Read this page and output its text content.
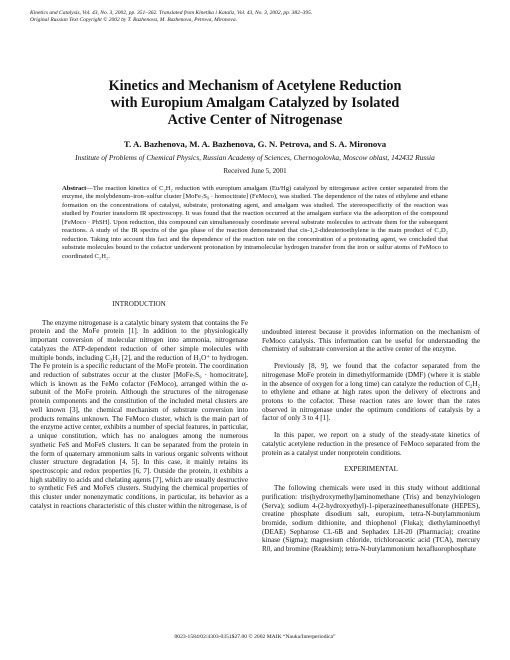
Kinetics and Catalysis, Vol. 43, No. 3, 2002, pp. 351–362. Translated from Kinetika i Kataliz, Vol. 43, No. 3, 2002, pp. 382–395.
Original Russian Text Copyright © 2002 by T. Bazhenova, M. Bazhenova, Petrova, Mironova.
Kinetics and Mechanism of Acetylene Reduction
with Europium Amalgam Catalyzed by Isolated
Active Center of Nitrogenase
T. A. Bazhenova, M. A. Bazhenova, G. N. Petrova, and S. A. Mironova
Institute of Problems of Chemical Physics, Russian Academy of Sciences, Chernogolovka, Moscow oblast, 142432 Russia
Received June 5, 2001
Abstract—The reaction kinetics of C₂H₂ reduction with europium amalgam (Eu/Hg) catalyzed by nitrogenase active center separated from the enzyme, the molybdenum–iron–sulfur cluster [MoFe₇S₉ · homocitrate] (FeMoco), was studied. The dependence of the rates of ethylene and ethane formation on the concentrations of catalyst, substrate, protonating agent, and amalgam was studied. The stereospecificity of the reaction was studied by Fourier transform IR spectroscopy. It was found that the reaction occurred at the amalgam surface via the adsorption of the compound [FeMoco · PhSH]. Upon reduction, this compound can simultaneously coordinate several substrate molecules to activate them for the subsequent reactions. A study of the IR spectra of the gas phase of the reaction demonstrated that cis-1,2-dideuterioethylene is the main product of C₂D₂ reduction. Taking into account this fact and the dependence of the reaction rate on the concentration of a protonating agent, we concluded that substrate molecules bound to the cofactor underwent protonation by intramolecular hydrogen transfer from the iron or sulfur atoms of FeMoco to coordinated C₂H₂.
INTRODUCTION

The enzyme nitrogenase is a catalytic binary system that contains the Fe protein and the MoFe protein [1]. In addition to the physiologically important conversion of molecular nitrogen into ammonia, nitrogenase catalyzes the ATP-dependent reduction of other simple molecules with multiple bonds, including C₂H₂ [2], and the reduction of H₃O⁺ to hydrogen. The Fe protein is a specific reductant of the MoFe protein. The coordination and reduction of substrates occur at the cluster [MoFe₇S₉ · homocitrate], which is known as the FeMo cofactor (FeMoco), arranged within the α-subunit of the MoFe protein. Although the structures of the nitrogenase protein components and the constitution of the included metal clusters are well known [3], the chemical mechanism of substrate conversion into products remains unknown. The FeMoco cluster, which is the main part of the enzyme active center, exhibits a number of special features, in particular, a unique constitution, which has no analogues among the numerous synthetic FeS and MoFeS clusters. It can be separated from the protein in the form of quaternary ammonium salts in various organic solvents without cluster structure degradation [4, 5]. In this case, it mainly retains its spectroscopic and redox properties [6, 7]. Outside the protein, it exhibits a high stability to acids and chelating agents [7], which are usually destructive to synthetic FeS and MoFeS clusters. Studying the chemical properties of this cluster under nonenzymatic conditions, in particular, its behavior as a catalyst in reactions characteristic of this cluster within the nitrogenase, is of

undoubted interest because it provides information on the mechanism of FeMoco catalysis. This information can be useful for understanding the chemistry of substrate conversion at the active center of the enzyme.

Previously [8, 9], we found that the cofactor separated from the nitrogenase MoFe protein in dimethylformamide (DMF) (where it is stable in the absence of oxygen for a long time) can catalyze the reduction of C₂H₂ to ethylene and ethane at high rates upon the delivery of electrons and protons to the cofactor. These reaction rates are lower than the rates observed in nitrogenase under the optimum conditions of catalysis by a factor of only 3 to 4 [1].

In this paper, we report on a study of the steady-state kinetics of catalytic acetylene reduction in the presence of FeMoco separated from the protein as a catalyst under nonprotein conditions.

EXPERIMENTAL

The following chemicals were used in this study without additional purification: tris(hydroxymethyl)aminomethane (Tris) and benzylviologen (Serva); sodium 4-(2-hydroxyethyl)-1-piperazineethanesulfonate (HEPES), creatine phosphate disodium salt, europium, tetra-N-butylammonium bromide, sodium dithionite, and thiophenol (Fluka); diethylaminoethyl (DEAE) Sepharose CL-6B and Sephadex LH-20 (Pharmacia); creatine kinase (Sigma); magnesium chloride, trichloroacetic acid (TCA), mercury R0, and bromine (Reakhim); tetra-N-butylammonium hexafluorophosphate

0023-1584/02/4303-0351$27.00 © 2002 MAIK “Nauka/Interperiodica”
